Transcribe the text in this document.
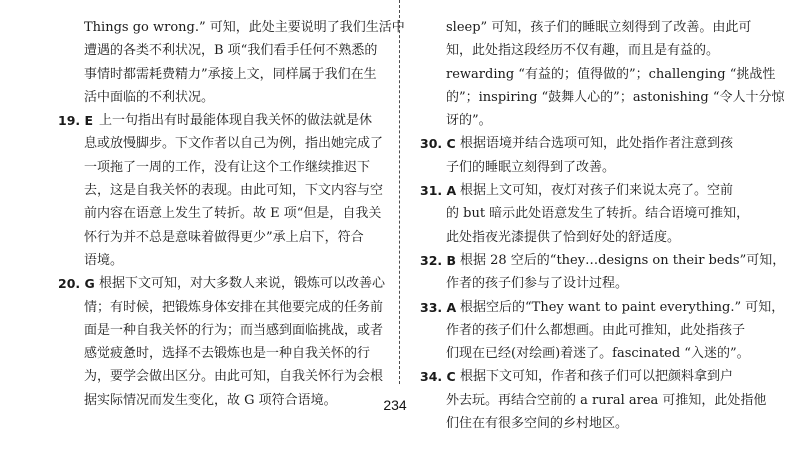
Things go wrong.” 可知，此处主要说明了我们生活中
遭遇的各类不利状况，B 项“我们看手任何不熟悉的
事情时都需耗费精力”承接上文，同样属于我们在生
活中面临的不利状况。
19. E 上一句指出有时最能体现自我关怀的做法就是休
息或放慢脚步。下文作者以自己为例，指出她完成了
一项拖了一周的工作，没有让这个工作继续推迟下
去，这是自我关怀的表现。由此可知，下文内容与空
前内容在语意上发生了转折。故 E 项“但是，自我关
怀行为并不总是意味着做得更少”承上启下，符合
语境。
20. G 根据下文可知，对大多数人来说，锻炼可以改善心
情；有时候，把锻炼身体安排在其他要完成的任务前
面是一种自我关怀的行为；而当感到面临挑战，或者
感觉疲惫时，选择不去锻炼也是一种自我关怀的行
为，要学会做出区分。由此可知，自我关怀行为会根
据实际情况而发生变化，故 G 项符合语境。
sleep” 可知，孩子们的睡眠立刻得到了改善。由此可
知，此处指这段经历不仅有趣，而且是有益的。
rewarding “有益的；值得做的”；challenging “挑战性
的”；inspiring “鼓舞人心的”；astonishing “令人十分惊
讶的”。
30. C 根据语境并结合选项可知，此处指作者注意到孩
子们的睡眠立刻得到了改善。
31. A 根据上文可知，夜灯对孩子们来说太亮了。空前
的 but 暗示此处语意发生了转折。结合语境可推知，
此处指夜光漆提供了恰到好处的舒适度。
32. B 根据 28 空后的“they…designs on their beds”可知，
作者的孩子们参与了设计过程。
33. A 根据空后的“They want to paint everything.” 可知，
作者的孩子们什么都想画。由此可推知，此处指孩子
们现在已经(对绘画)着迷了。fascinated “入迷的”。
34. C 根据下文可知，作者和孩子们可以把颜料拿到户
外去玩。再结合空前的 a rural area 可推知，此处指他
们住在有很多空间的乡村地区。
234
